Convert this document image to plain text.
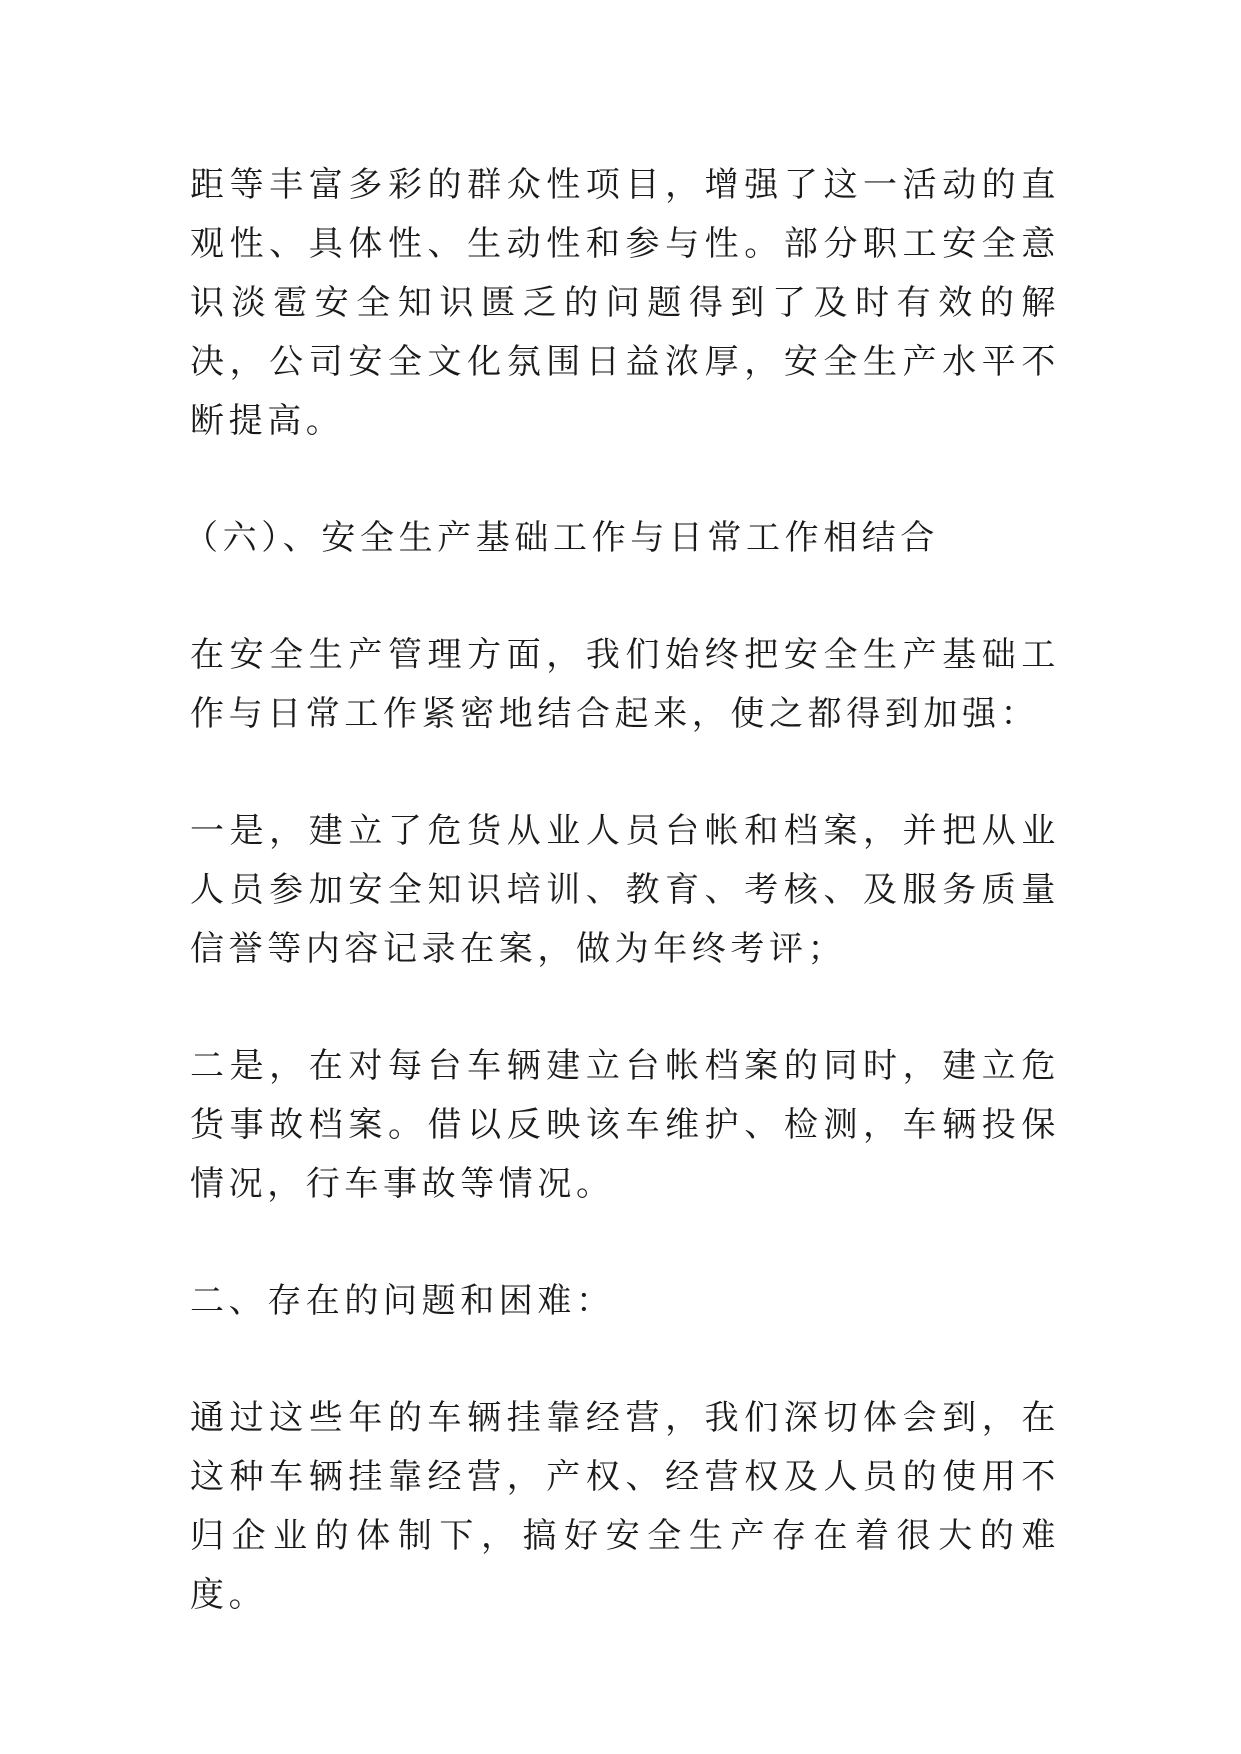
距等丰富多彩的群众性项目，增强了这一活动的直观性、具体性、生动性和参与性。部分职工安全意识淡雹安全知识匮乏的问题得到了及时有效的解决，公司安全文化氛围日益浓厚，安全生产水平不断提高。

（六）、安全生产基础工作与日常工作相结合

在安全生产管理方面，我们始终把安全生产基础工作与日常工作紧密地结合起来，使之都得到加强：

一是，建立了危货从业人员台帐和档案，并把从业人员参加安全知识培训、教育、考核、及服务质量信誉等内容记录在案，做为年终考评；

二是，在对每台车辆建立台帐档案的同时，建立危货事故档案。借以反映该车维护、检测，车辆投保情况，行车事故等情况。

二、存在的问题和困难：

通过这些年的车辆挂靠经营，我们深切体会到，在这种车辆挂靠经营，产权、经营权及人员的使用不归企业的体制下，搞好安全生产存在着很大的难度。
